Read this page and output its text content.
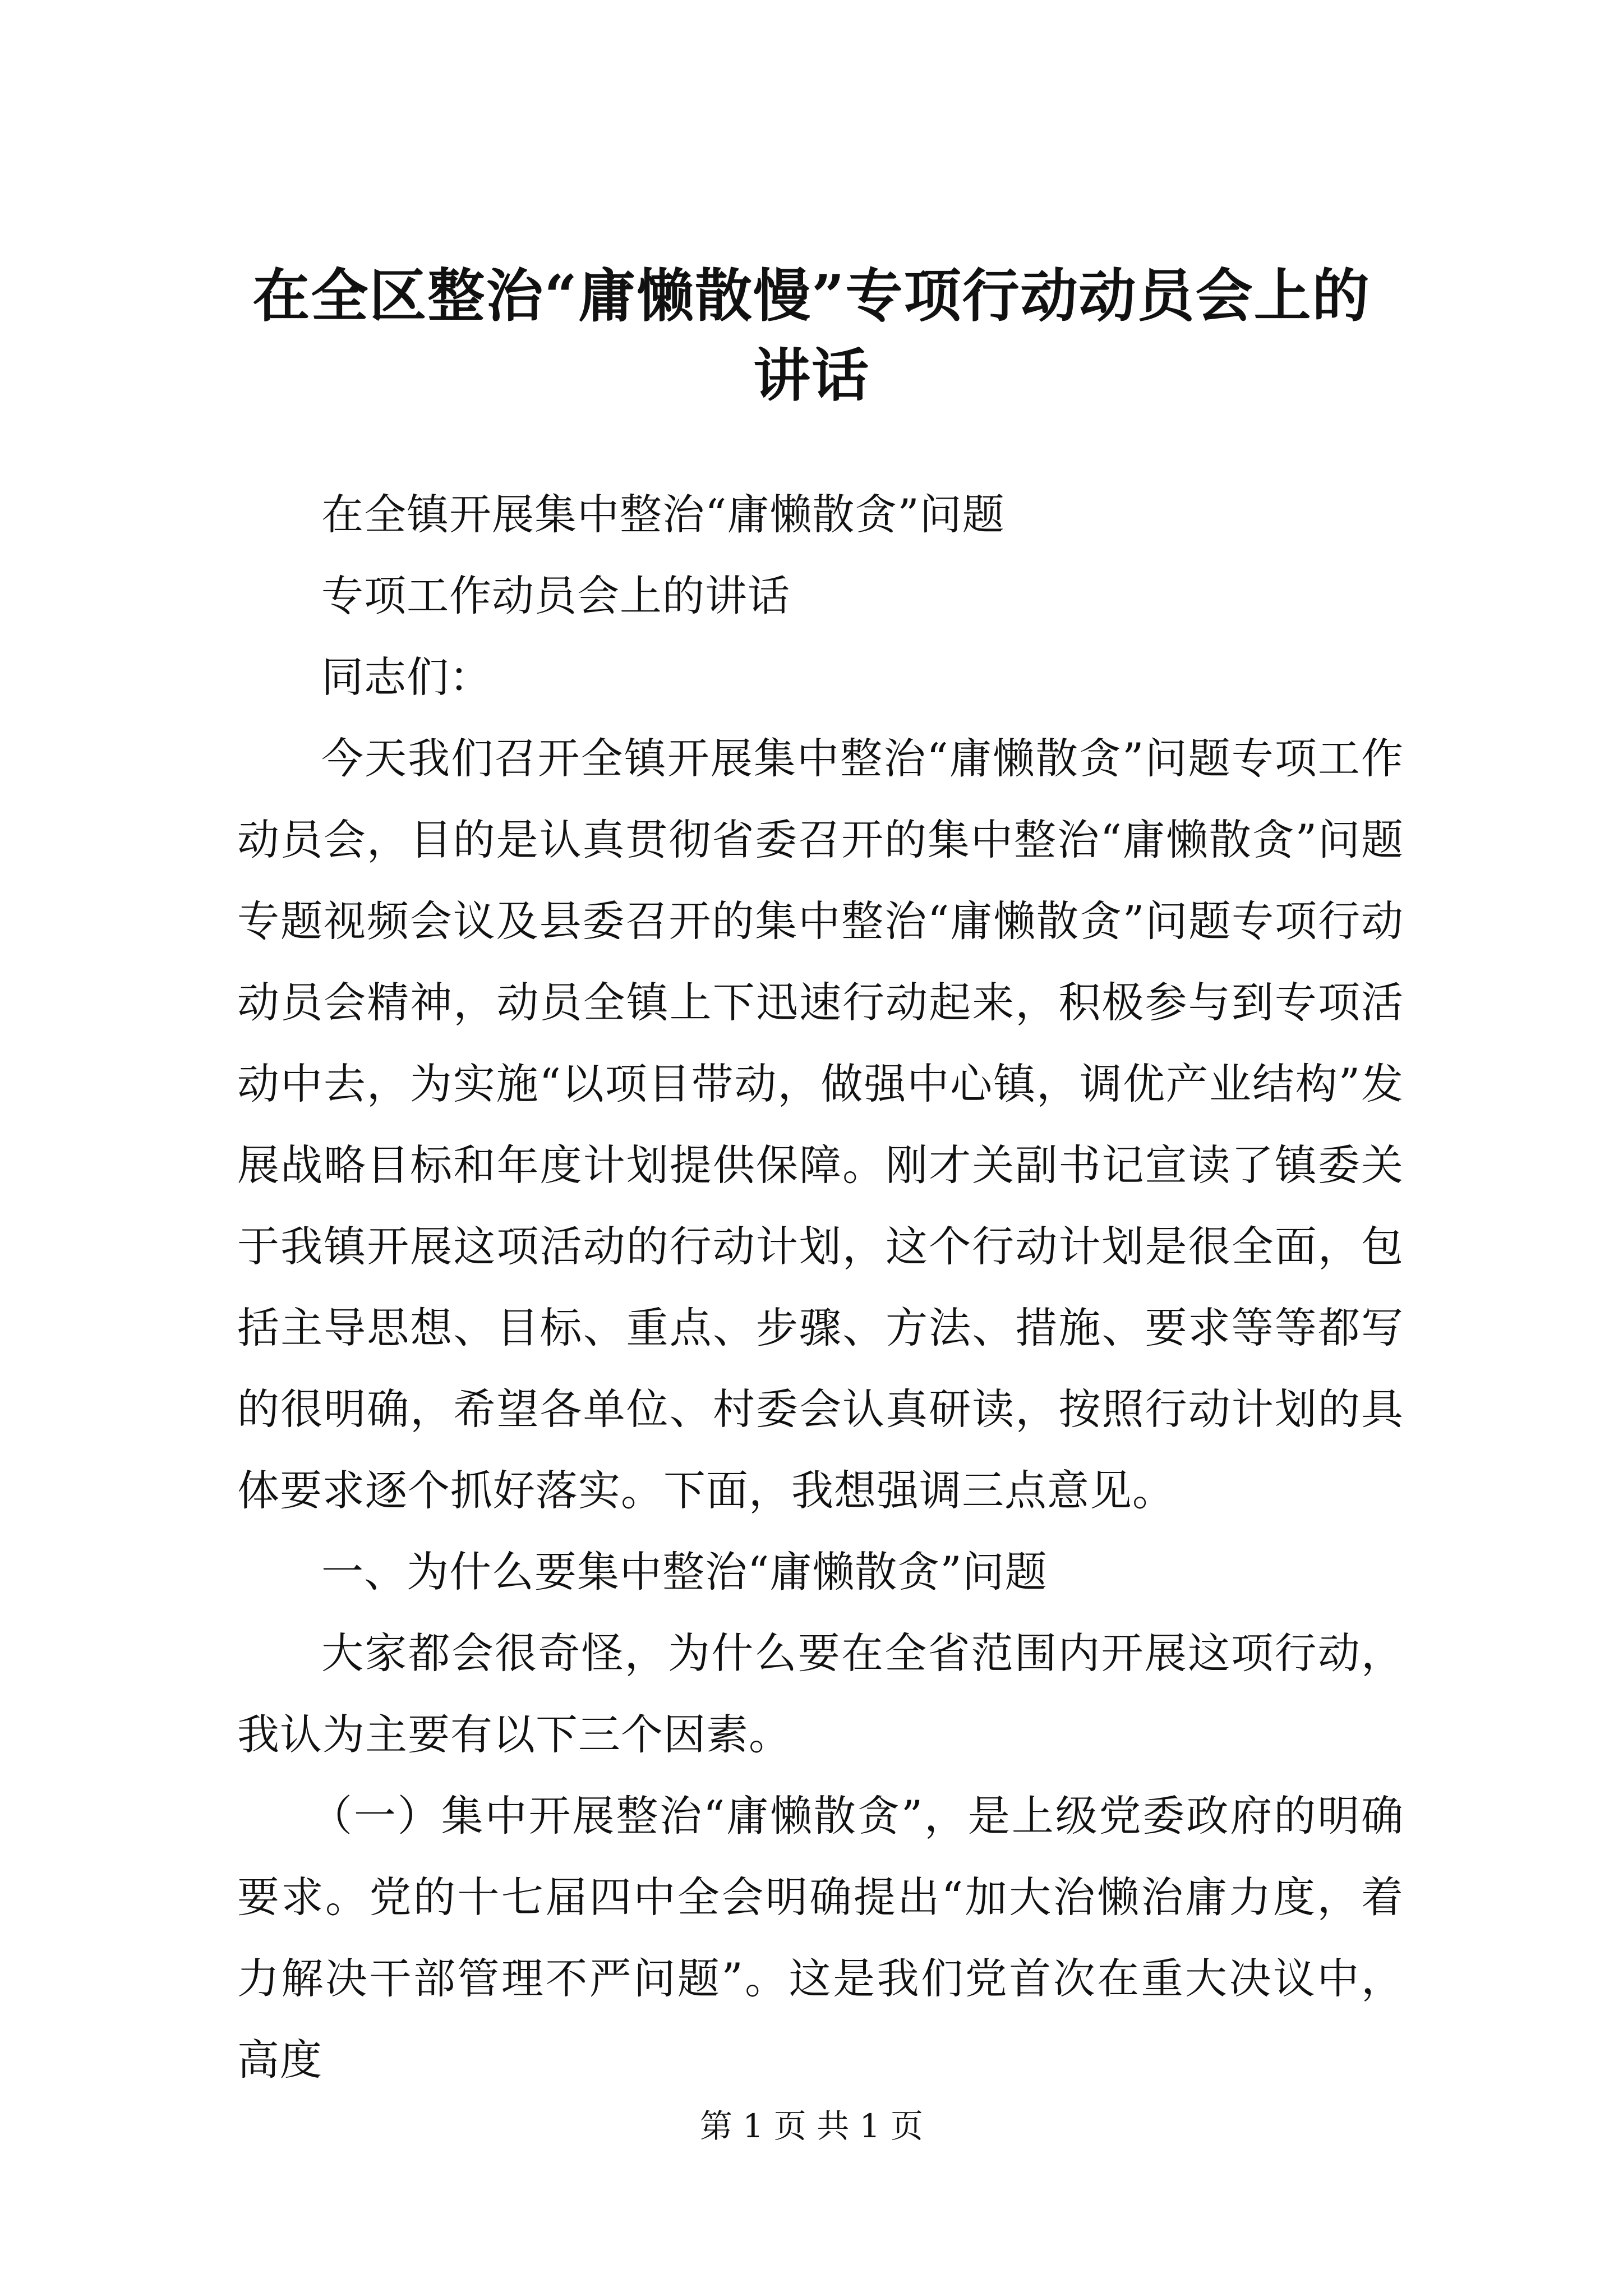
在全区整治“庸懒散慢”专项行动动员会上的
讲话

在全镇开展集中整治“庸懒散贪”问题

专项工作动员会上的讲话

同志们：

今天我们召开全镇开展集中整治“庸懒散贪”问题专项工作动员会，目的是认真贯彻省委召开的集中整治“庸懒散贪”问题专题视频会议及县委召开的集中整治“庸懒散贪”问题专项行动动员会精神，动员全镇上下迅速行动起来，积极参与到专项活动中去，为实施“以项目带动，做强中心镇，调优产业结构”发展战略目标和年度计划提供保障。刚才关副书记宣读了镇委关于我镇开展这项活动的行动计划，这个行动计划是很全面，包括主导思想、目标、重点、步骤、方法、措施、要求等等都写的很明确，希望各单位、村委会认真研读，按照行动计划的具体要求逐个抓好落实。下面，我想强调三点意见。

一、为什么要集中整治“庸懒散贪”问题

大家都会很奇怪，为什么要在全省范围内开展这项行动，我认为主要有以下三个因素。

（一）集中开展整治“庸懒散贪”，是上级党委政府的明确要求。党的十七届四中全会明确提出“加大治懒治庸力度，着力解决干部管理不严问题”。这是我们党首次在重大决议中，高度

第 1 页 共 1 页
